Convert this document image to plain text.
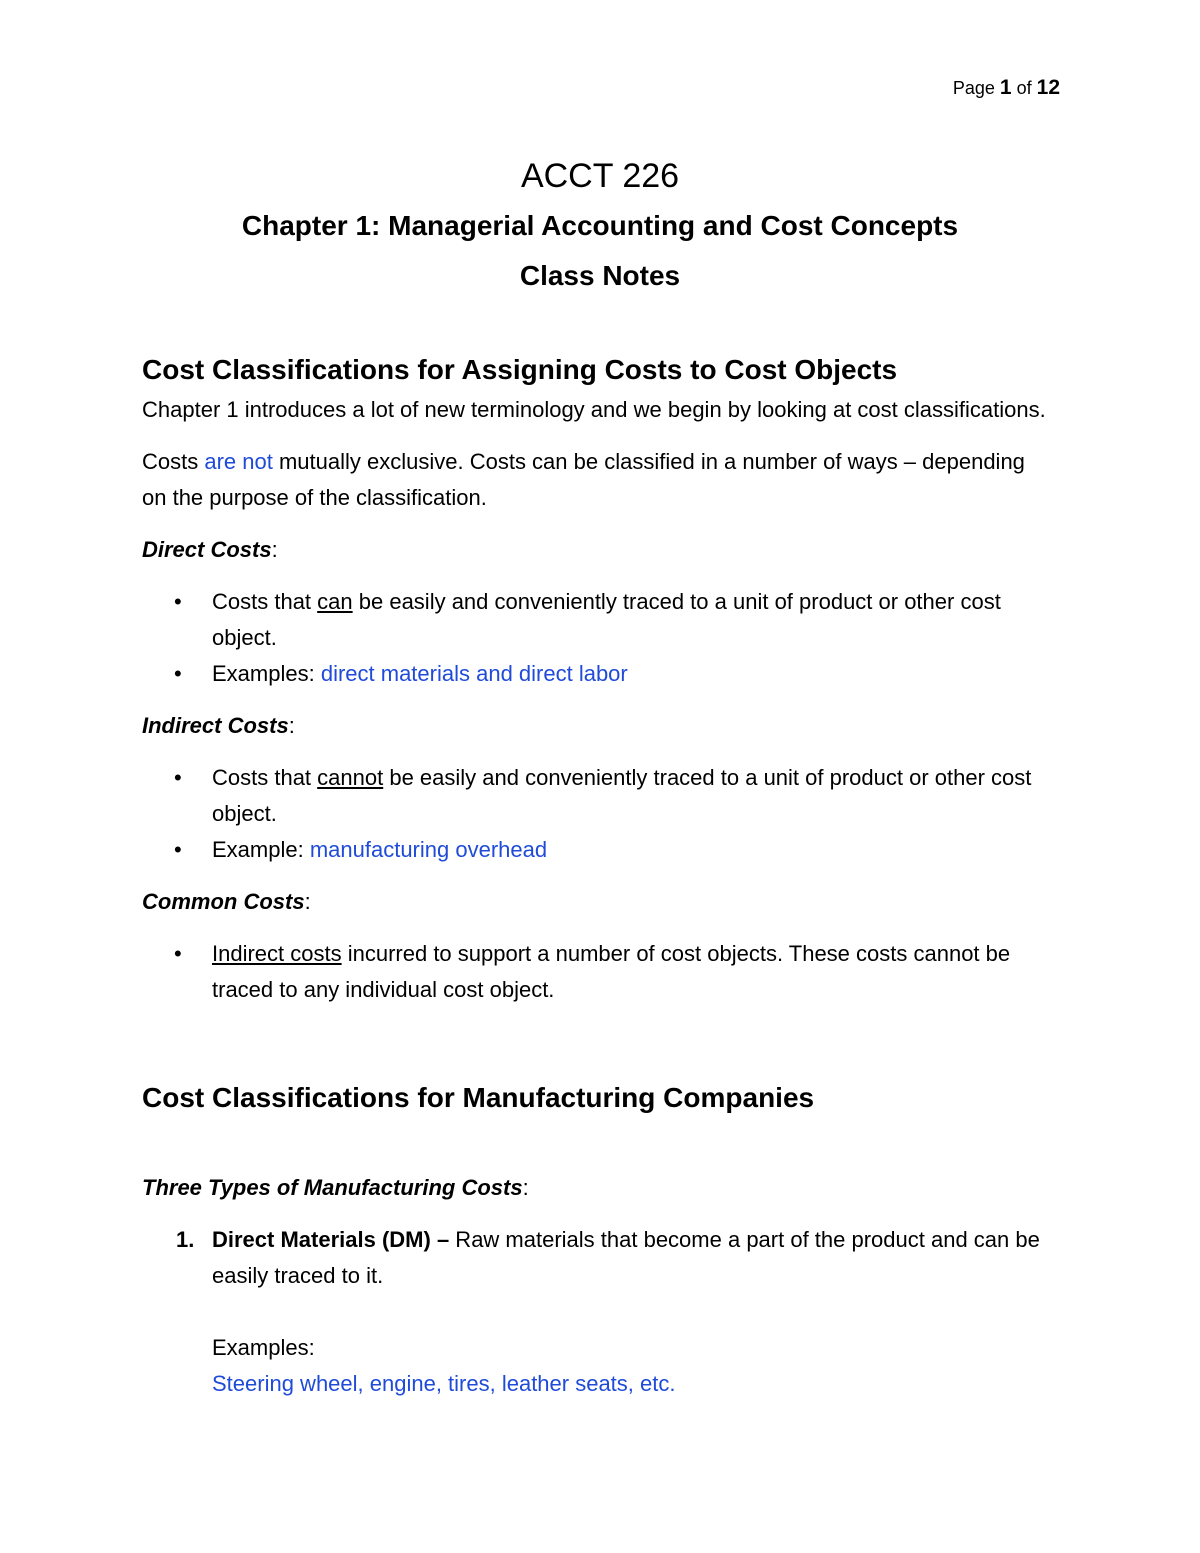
Page 1 of 12
ACCT 226
Chapter 1: Managerial Accounting and Cost Concepts
Class Notes
Cost Classifications for Assigning Costs to Cost Objects

Chapter 1 introduces a lot of new terminology and we begin by looking at cost classifications.

Costs are not mutually exclusive. Costs can be classified in a number of ways – depending on the purpose of the classification.

Direct Costs:

• Costs that can be easily and conveniently traced to a unit of product or other cost object.
• Examples: direct materials and direct labor

Indirect Costs:

• Costs that cannot be easily and conveniently traced to a unit of product or other cost object.
• Example: manufacturing overhead

Common Costs:

• Indirect costs incurred to support a number of cost objects. These costs cannot be traced to any individual cost object.
Cost Classifications for Manufacturing Companies

Three Types of Manufacturing Costs:

1. Direct Materials (DM) – Raw materials that become a part of the product and can be easily traced to it.
Examples:
Steering wheel, engine, tires, leather seats, etc.
